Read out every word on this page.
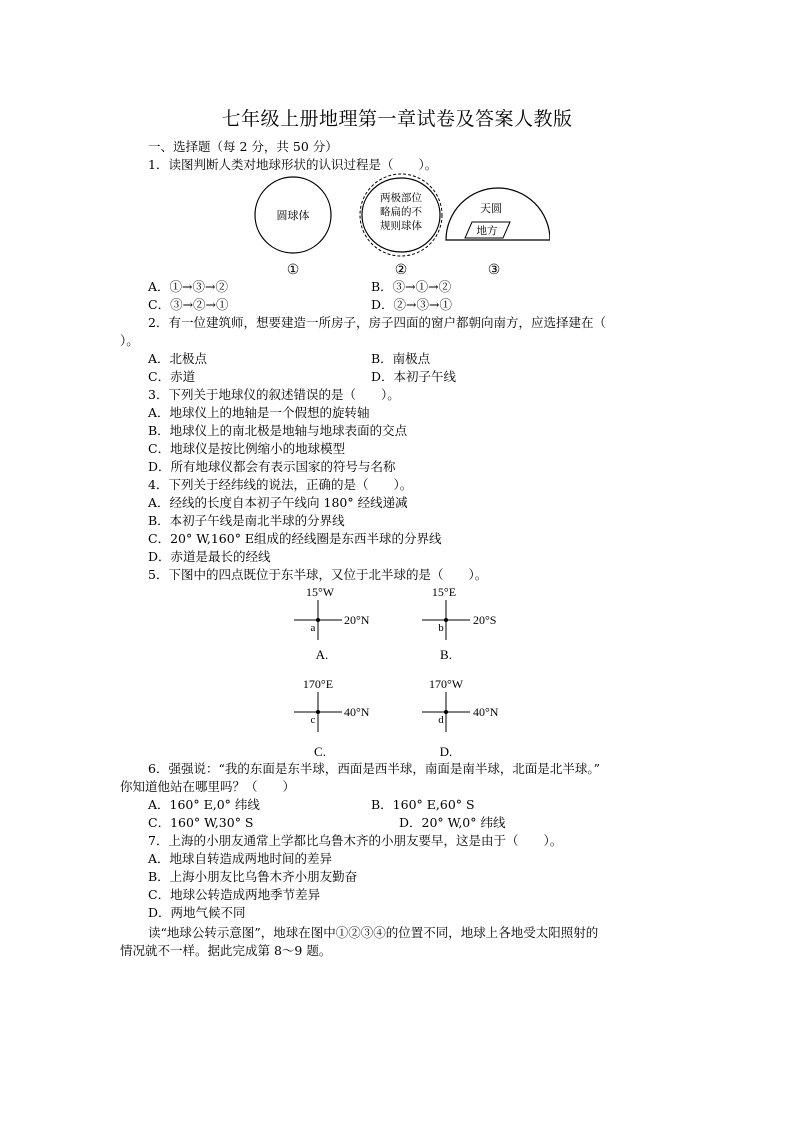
七年级上册地理第一章试卷及答案人教版
一、选择题（每 2 分，共 50 分）
1．读图判断人类对地球形状的认识过程是（　　）。
圆球体
两极部位
略扁的不
规则球体
天圆
地方
①	②	③
A．①→③→②	B．③→①→②
C．③→②→①	D．②→③→①
2．有一位建筑师，想要建造一所房子，房子四面的窗户都朝向南方，应选择建在（
）。
A．北极点	B．南极点
C．赤道	D．本初子午线
3．下列关于地球仪的叙述错误的是（　　）。
A．地球仪上的地轴是一个假想的旋转轴
B．地球仪上的南北极是地轴与地球表面的交点
C．地球仪是按比例缩小的地球模型
D．所有地球仪都会有表示国家的符号与名称
4．下列关于经纬线的说法，正确的是（　　）。
A．经线的长度自本初子午线向 180° 经线递减
B．本初子午线是南北半球的分界线
C．20° W,160° E组成的经线圈是东西半球的分界线
D．赤道是最长的经线
5．下图中的四点既位于东半球，又位于北半球的是（　　）。
15°W
a
20°N
A.
15°E
b
20°S
B.
170°E
c
40°N
C.
170°W
d
40°N
D.
6．强强说：“我的东面是东半球，西面是西半球，南面是南半球，北面是北半球。”
你知道他站在哪里吗？（　　）
A．160° E,0° 纬线	B．160° E,60° S
C．160° W,30° S	D．20° W,0° 纬线
7．上海的小朋友通常上学都比乌鲁木齐的小朋友要早，这是由于（　　）。
A．地球自转造成两地时间的差异
B．上海小朋友比乌鲁木齐小朋友勤奋
C．地球公转造成两地季节差异
D．两地气候不同
读“地球公转示意图”，地球在图中①②③④的位置不同，地球上各地受太阳照射的
情况就不一样。据此完成第 8～9 题。
